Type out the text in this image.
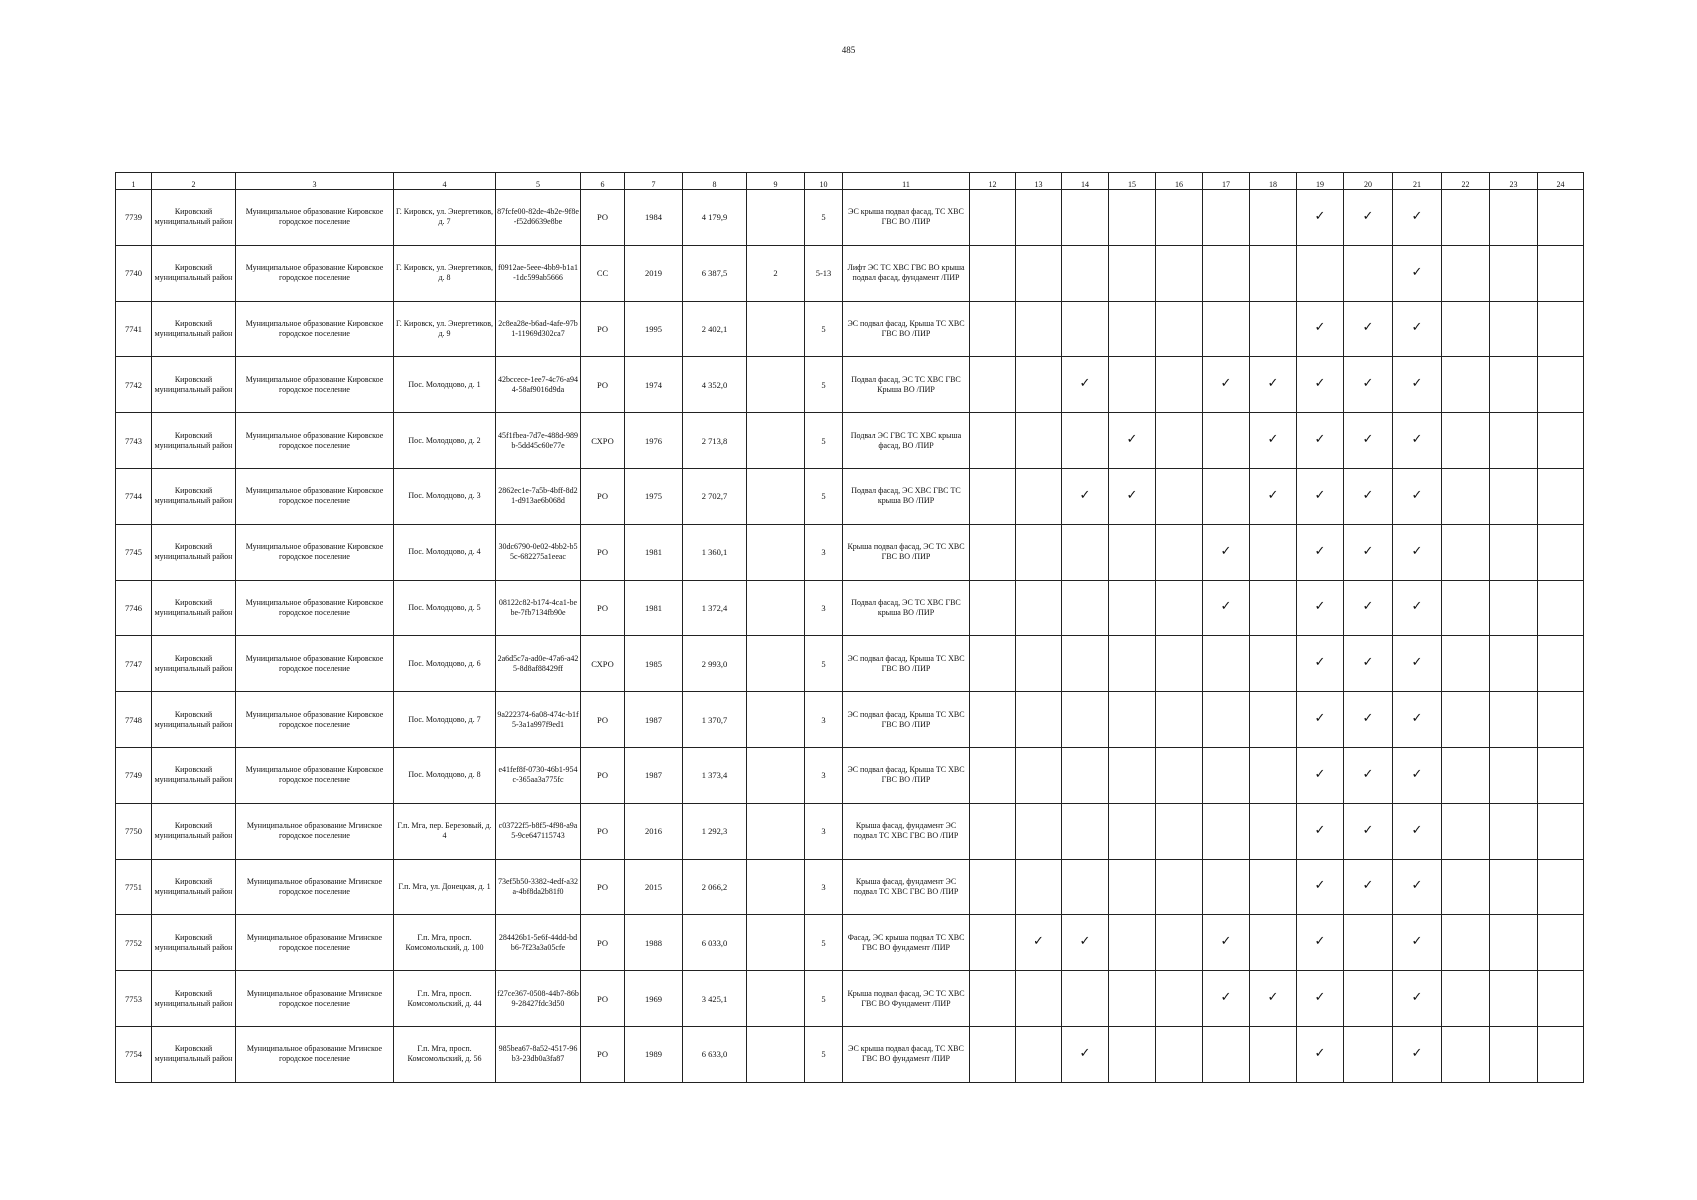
485
1	2	3	4	5	6	7	8	9	10	11	12	13	14	15	16	17	18	19	20	21	22	23	24
7739	Кировский муниципальный район	Муниципальное образование Кировское городское поселение	Г. Кировск, ул. Энергетиков, д. 7	87fcfe00-82de-4b2e-9f8e-f52d6639e8be	РО	1984	4 179,9		5	ЭС крыша подвал фасад, ТС ХВС ГВС ВО /ПИР								✓	✓	✓			
7740	Кировский муниципальный район	Муниципальное образование Кировское городское поселение	Г. Кировск, ул. Энергетиков, д. 8	f0912ae-5eee-4bb9-b1a1-1dc599ab5666	СС	2019	6 387,5	2	5-13	Лифт ЭС ТС ХВС ГВС ВО крыша подвал фасад, фундамент /ПИР										✓			
7741	Кировский муниципальный район	Муниципальное образование Кировское городское поселение	Г. Кировск, ул. Энергетиков, д. 9	2c8ea28e-b6ad-4afe-97b1-11969d302ca7	РО	1995	2 402,1		5	ЭС подвал фасад, Крыша ТС ХВС ГВС ВО /ПИР								✓	✓	✓			
7742	Кировский муниципальный район	Муниципальное образование Кировское городское поселение	Пос. Молодцово, д. 1	42bccece-1ee7-4c76-a944-58af9016d9da	РО	1974	4 352,0		5	Подвал фасад, ЭС ТС ХВС ГВС Крыша ВО /ПИР			✓			✓	✓	✓	✓	✓			
7743	Кировский муниципальный район	Муниципальное образование Кировское городское поселение	Пос. Молодцово, д. 2	45f1fbea-7d7e-488d-989b-5dd45c60e77e	СХРО	1976	2 713,8		5	Подвал ЭС ГВС ТС ХВС крыша фасад, ВО /ПИР				✓			✓	✓	✓	✓			
7744	Кировский муниципальный район	Муниципальное образование Кировское городское поселение	Пос. Молодцово, д. 3	2862ec1e-7a5b-4bff-8d21-d913ae6b068d	РО	1975	2 702,7		5	Подвал фасад, ЭС ХВС ГВС ТС крыша ВО /ПИР			✓	✓			✓	✓	✓	✓			
7745	Кировский муниципальный район	Муниципальное образование Кировское городское поселение	Пос. Молодцово, д. 4	30dc6790-0e02-4bb2-b55c-682275a1eeac	РО	1981	1 360,1		3	Крыша подвал фасад, ЭС ТС ХВС ГВС ВО /ПИР						✓		✓	✓	✓			
7746	Кировский муниципальный район	Муниципальное образование Кировское городское поселение	Пос. Молодцово, д. 5	08122c82-b174-4ca1-bebe-7fb7134fb90e	РО	1981	1 372,4		3	Подвал фасад, ЭС ТС ХВС ГВС крыша ВО /ПИР						✓		✓	✓	✓			
7747	Кировский муниципальный район	Муниципальное образование Кировское городское поселение	Пос. Молодцово, д. 6	2a6d5c7a-ad0e-47a6-a425-8d8af88429ff	СХРО	1985	2 993,0		5	ЭС подвал фасад, Крыша ТС ХВС ГВС ВО /ПИР								✓	✓	✓			
7748	Кировский муниципальный район	Муниципальное образование Кировское городское поселение	Пос. Молодцово, д. 7	9a222374-6a08-474c-b1f5-3a1a997f9ed1	РО	1987	1 370,7		3	ЭС подвал фасад, Крыша ТС ХВС ГВС ВО /ПИР								✓	✓	✓			
7749	Кировский муниципальный район	Муниципальное образование Кировское городское поселение	Пос. Молодцово, д. 8	e41fef8f-0730-46b1-954c-365aa3a775fc	РО	1987	1 373,4		3	ЭС подвал фасад, Крыша ТС ХВС ГВС ВО /ПИР								✓	✓	✓			
7750	Кировский муниципальный район	Муниципальное образование Мгинское городское поселение	Г.п. Мга, пер. Березовый, д. 4	c03722f5-b8f5-4f98-a9a5-9ce647115743	РО	2016	1 292,3		3	Крыша фасад, фундамент ЭС подвал ТС ХВС ГВС ВО /ПИР								✓	✓	✓			
7751	Кировский муниципальный район	Муниципальное образование Мгинское городское поселение	Г.п. Мга, ул. Донецкая, д. 1	73ef5b50-3382-4edf-a32a-4bf8da2b81f0	РО	2015	2 066,2		3	Крыша фасад, фундамент ЭС подвал ТС ХВС ГВС ВО /ПИР								✓	✓	✓			
7752	Кировский муниципальный район	Муниципальное образование Мгинское городское поселение	Г.п. Мга, просп. Комсомольский, д. 100	284426b1-5e6f-44dd-bdb6-7f23a3a05cfe	РО	1988	6 033,0		5	Фасад, ЭС крыша подвал ТС ХВС ГВС ВО фундамент /ПИР		✓	✓			✓		✓		✓			
7753	Кировский муниципальный район	Муниципальное образование Мгинское городское поселение	Г.п. Мга, просп. Комсомольский, д. 44	f27ce367-0508-44b7-86b9-28427fdc3d50	РО	1969	3 425,1		5	Крыша подвал фасад, ЭС ТС ХВС ГВС ВО Фундамент /ПИР						✓	✓	✓		✓			
7754	Кировский муниципальный район	Муниципальное образование Мгинское городское поселение	Г.п. Мга, просп. Комсомольский, д. 56	985bea67-8a52-4517-96b3-23db0a3fa87	РО	1989	6 633,0		5	ЭС крыша подвал фасад, ТС ХВС ГВС ВО фундамент /ПИР			✓					✓		✓			
